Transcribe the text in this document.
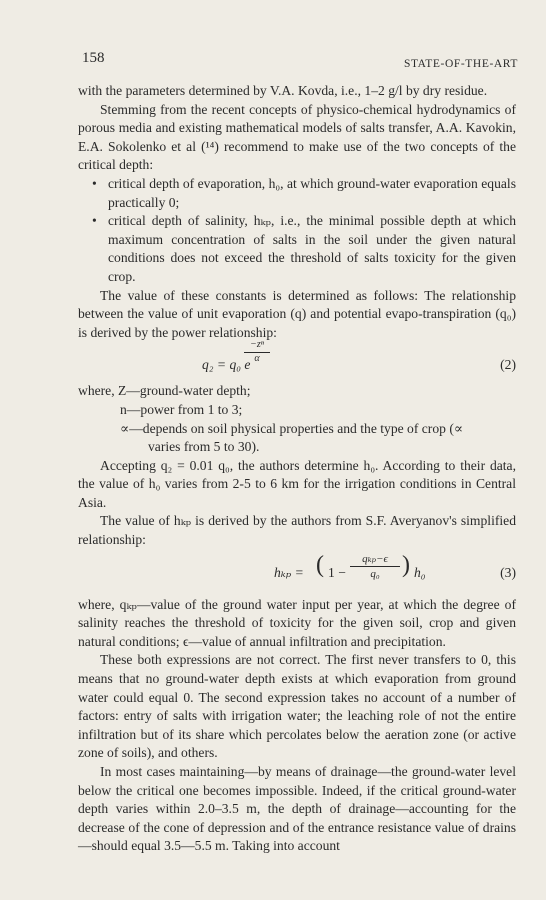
158	STATE-OF-THE-ART

with the parameters determined by V.A. Kovda, i.e., 1–2 g/l by dry residue.

Stemming from the recent concepts of physico-chemical hydrodynamics of porous media and existing mathematical models of salts transfer, A.A. Kavokin, E.A. Sokolenko et al (¹⁴) recommend to make use of the two concepts of the critical depth:

• critical depth of evaporation, h₀, at which ground-water evaporation equals practically 0;
• critical depth of salinity, hₖₚ, i.e., the minimal possible depth at which maximum concentration of salts in the soil under the given natural conditions does not exceed the threshold of salts toxicity for the given crop.

The value of these constants is determined as follows: The relationship between the value of unit evaporation (q) and potential evapo-transpiration (q₀) is derived by the power relationship:

q₂ = q₀ e
$\frac{\text{−zⁿ}}{\alpha}$
(2)

where, Z—ground-water depth;

n—power from 1 to 3;

∝—depends on soil physical properties and the type of crop (∝
varies from 5 to 30).

Accepting q₂ = 0.01 q₀, the authors determine h₀. According to their data, the value of h₀ varies from 2-5 to 6 km for the irrigation conditions in Central Asia.

The value of hₖₚ is derived by the authors from S.F. Averyanov's simplified relationship:

hₖₚ = ( 1 −
qₖₚ−ϵ
q₀ ) h₀	(3)

where, qₖₚ—value of the ground water input per year, at which the degree of salinity reaches the threshold of toxicity for the given soil, crop and given natural conditions; ϵ—value of annual infiltration and precipitation.

These both expressions are not correct. The first never transfers to 0, this means that no ground-water depth exists at which evaporation from ground water could equal 0. The second expression takes no account of a number of factors: entry of salts with irrigation water; the leaching role of not the entire infiltration but of its share which percolates below the aeration zone (or active zone of soils), and others.

In most cases maintaining—by means of drainage—the ground-water level below the critical one becomes impossible. Indeed, if the critical ground-water depth varies within 2.0–3.5 m, the depth of drainage—accounting for the decrease of the cone of depression and of the entrance resistance value of drains—should equal 3.5—5.5 m. Taking into account
